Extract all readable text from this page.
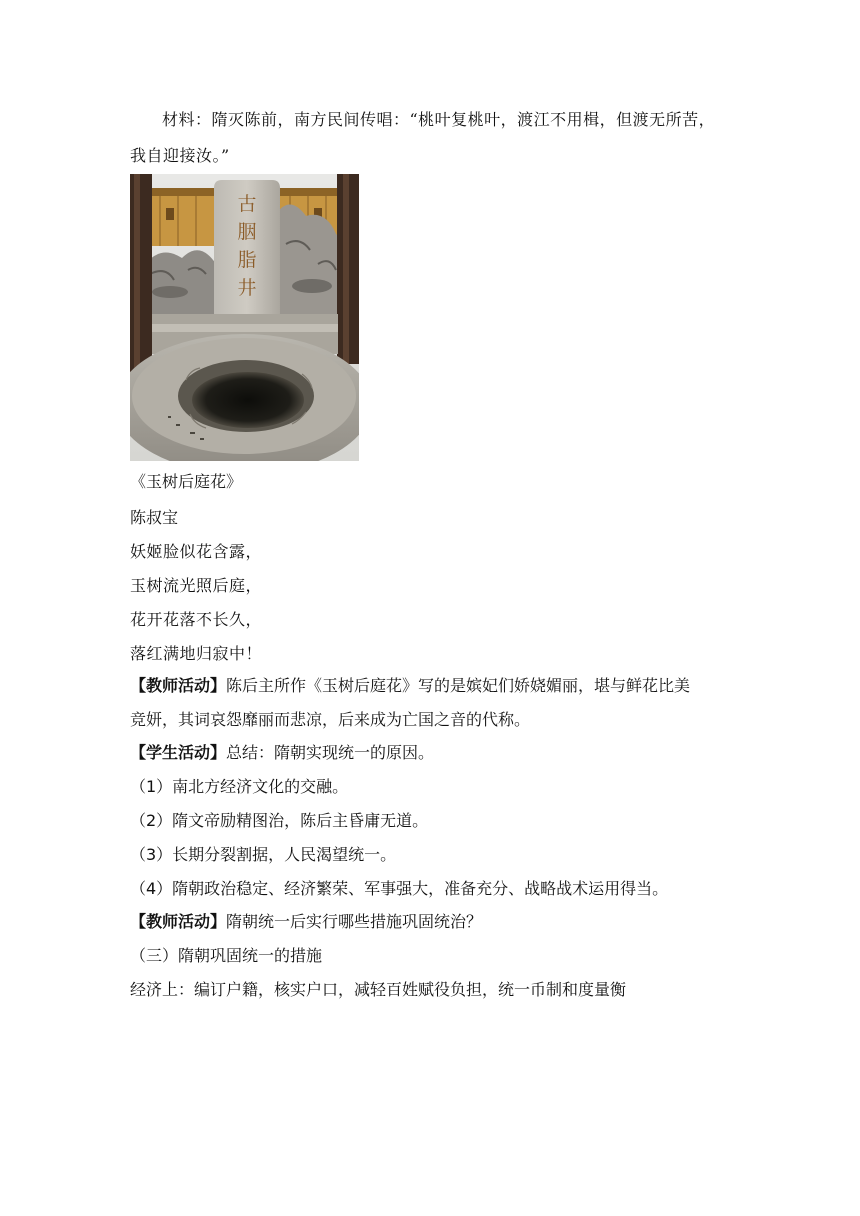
材料：隋灭陈前，南方民间传唱：“桃叶复桃叶，渡江不用楫，但渡无所苦，
我自迎接汝。”
古
胭
脂
井
《玉树后庭花》
陈叔宝
妖姬脸似花含露，
玉树流光照后庭，
花开花落不长久，
落红满地归寂中！
【教师活动】陈后主所作《玉树后庭花》写的是嫔妃们娇娆媚丽，堪与鲜花比美
竞妍，其词哀怨靡丽而悲凉，后来成为亡国之音的代称。
【学生活动】总结：隋朝实现统一的原因。
（1）南北方经济文化的交融。
（2）隋文帝励精图治，陈后主昏庸无道。
（3）长期分裂割据，人民渴望统一。
（4）隋朝政治稳定、经济繁荣、军事强大，准备充分、战略战术运用得当。
【教师活动】隋朝统一后实行哪些措施巩固统治？
（三）隋朝巩固统一的措施
经济上：编订户籍，核实户口，减轻百姓赋役负担，统一币制和度量衡
